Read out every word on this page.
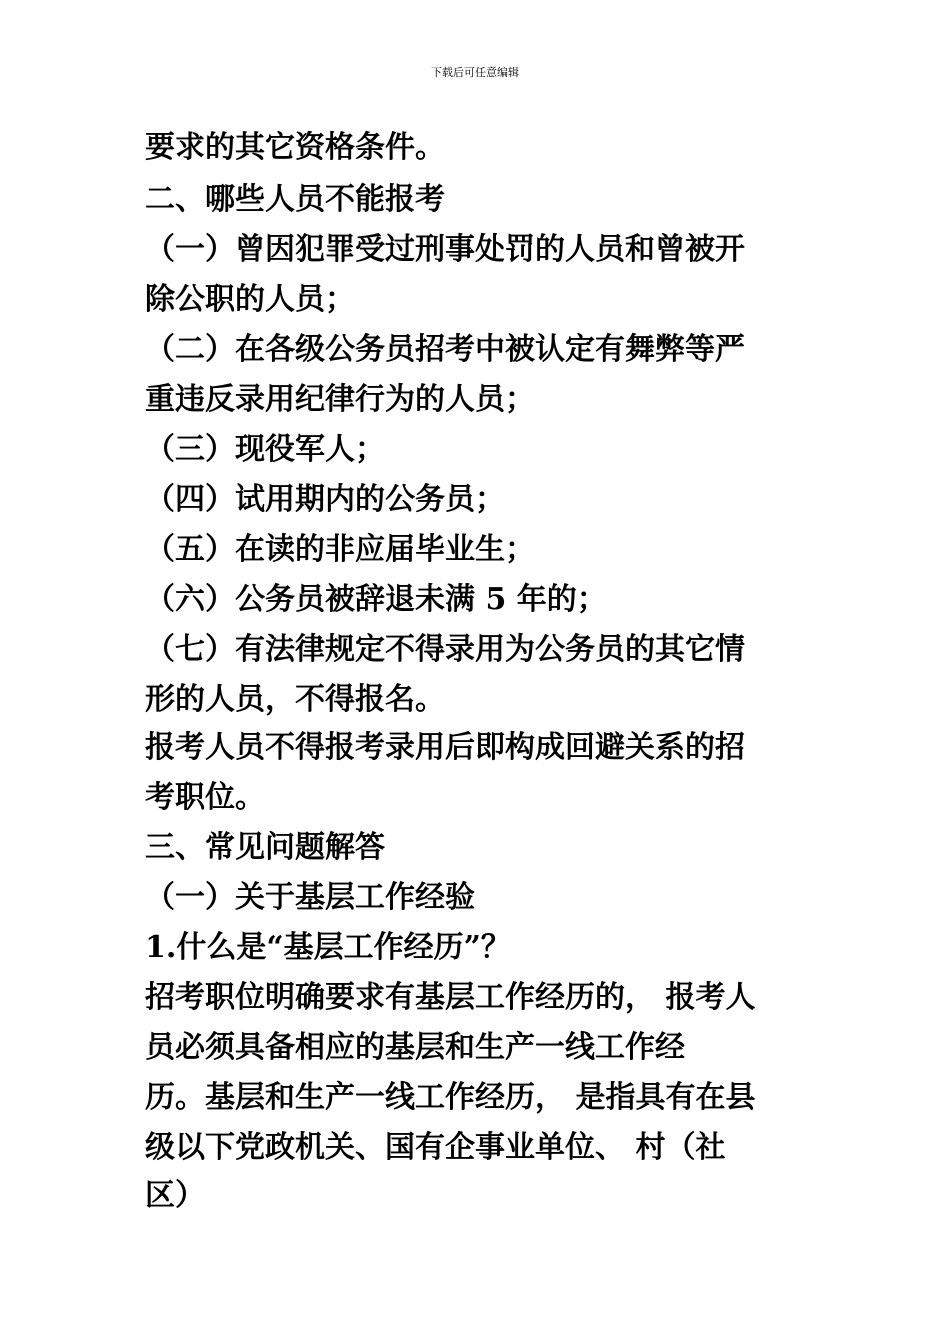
下载后可任意编辑
要求的其它资格条件。
二、哪些人员不能报考
（一）曾因犯罪受过刑事处罚的人员和曾被开
除公职的人员；
（二）在各级公务员招考中被认定有舞弊等严
重违反录用纪律行为的人员；
（三）现役军人；
（四）试用期内的公务员；
（五）在读的非应届毕业生；
（六）公务员被辞退未满 5 年的；
（七）有法律规定不得录用为公务员的其它情
形的人员，不得报名。
报考人员不得报考录用后即构成回避关系的招
考职位。
三、常见问题解答
（一）关于基层工作经验
1.什么是“基层工作经历”？
招考职位明确要求有基层工作经历的， 报考人
员必须具备相应的基层和生产一线工作经
历。基层和生产一线工作经历， 是指具有在县
级以下党政机关、国有企事业单位、 村（社
区）
